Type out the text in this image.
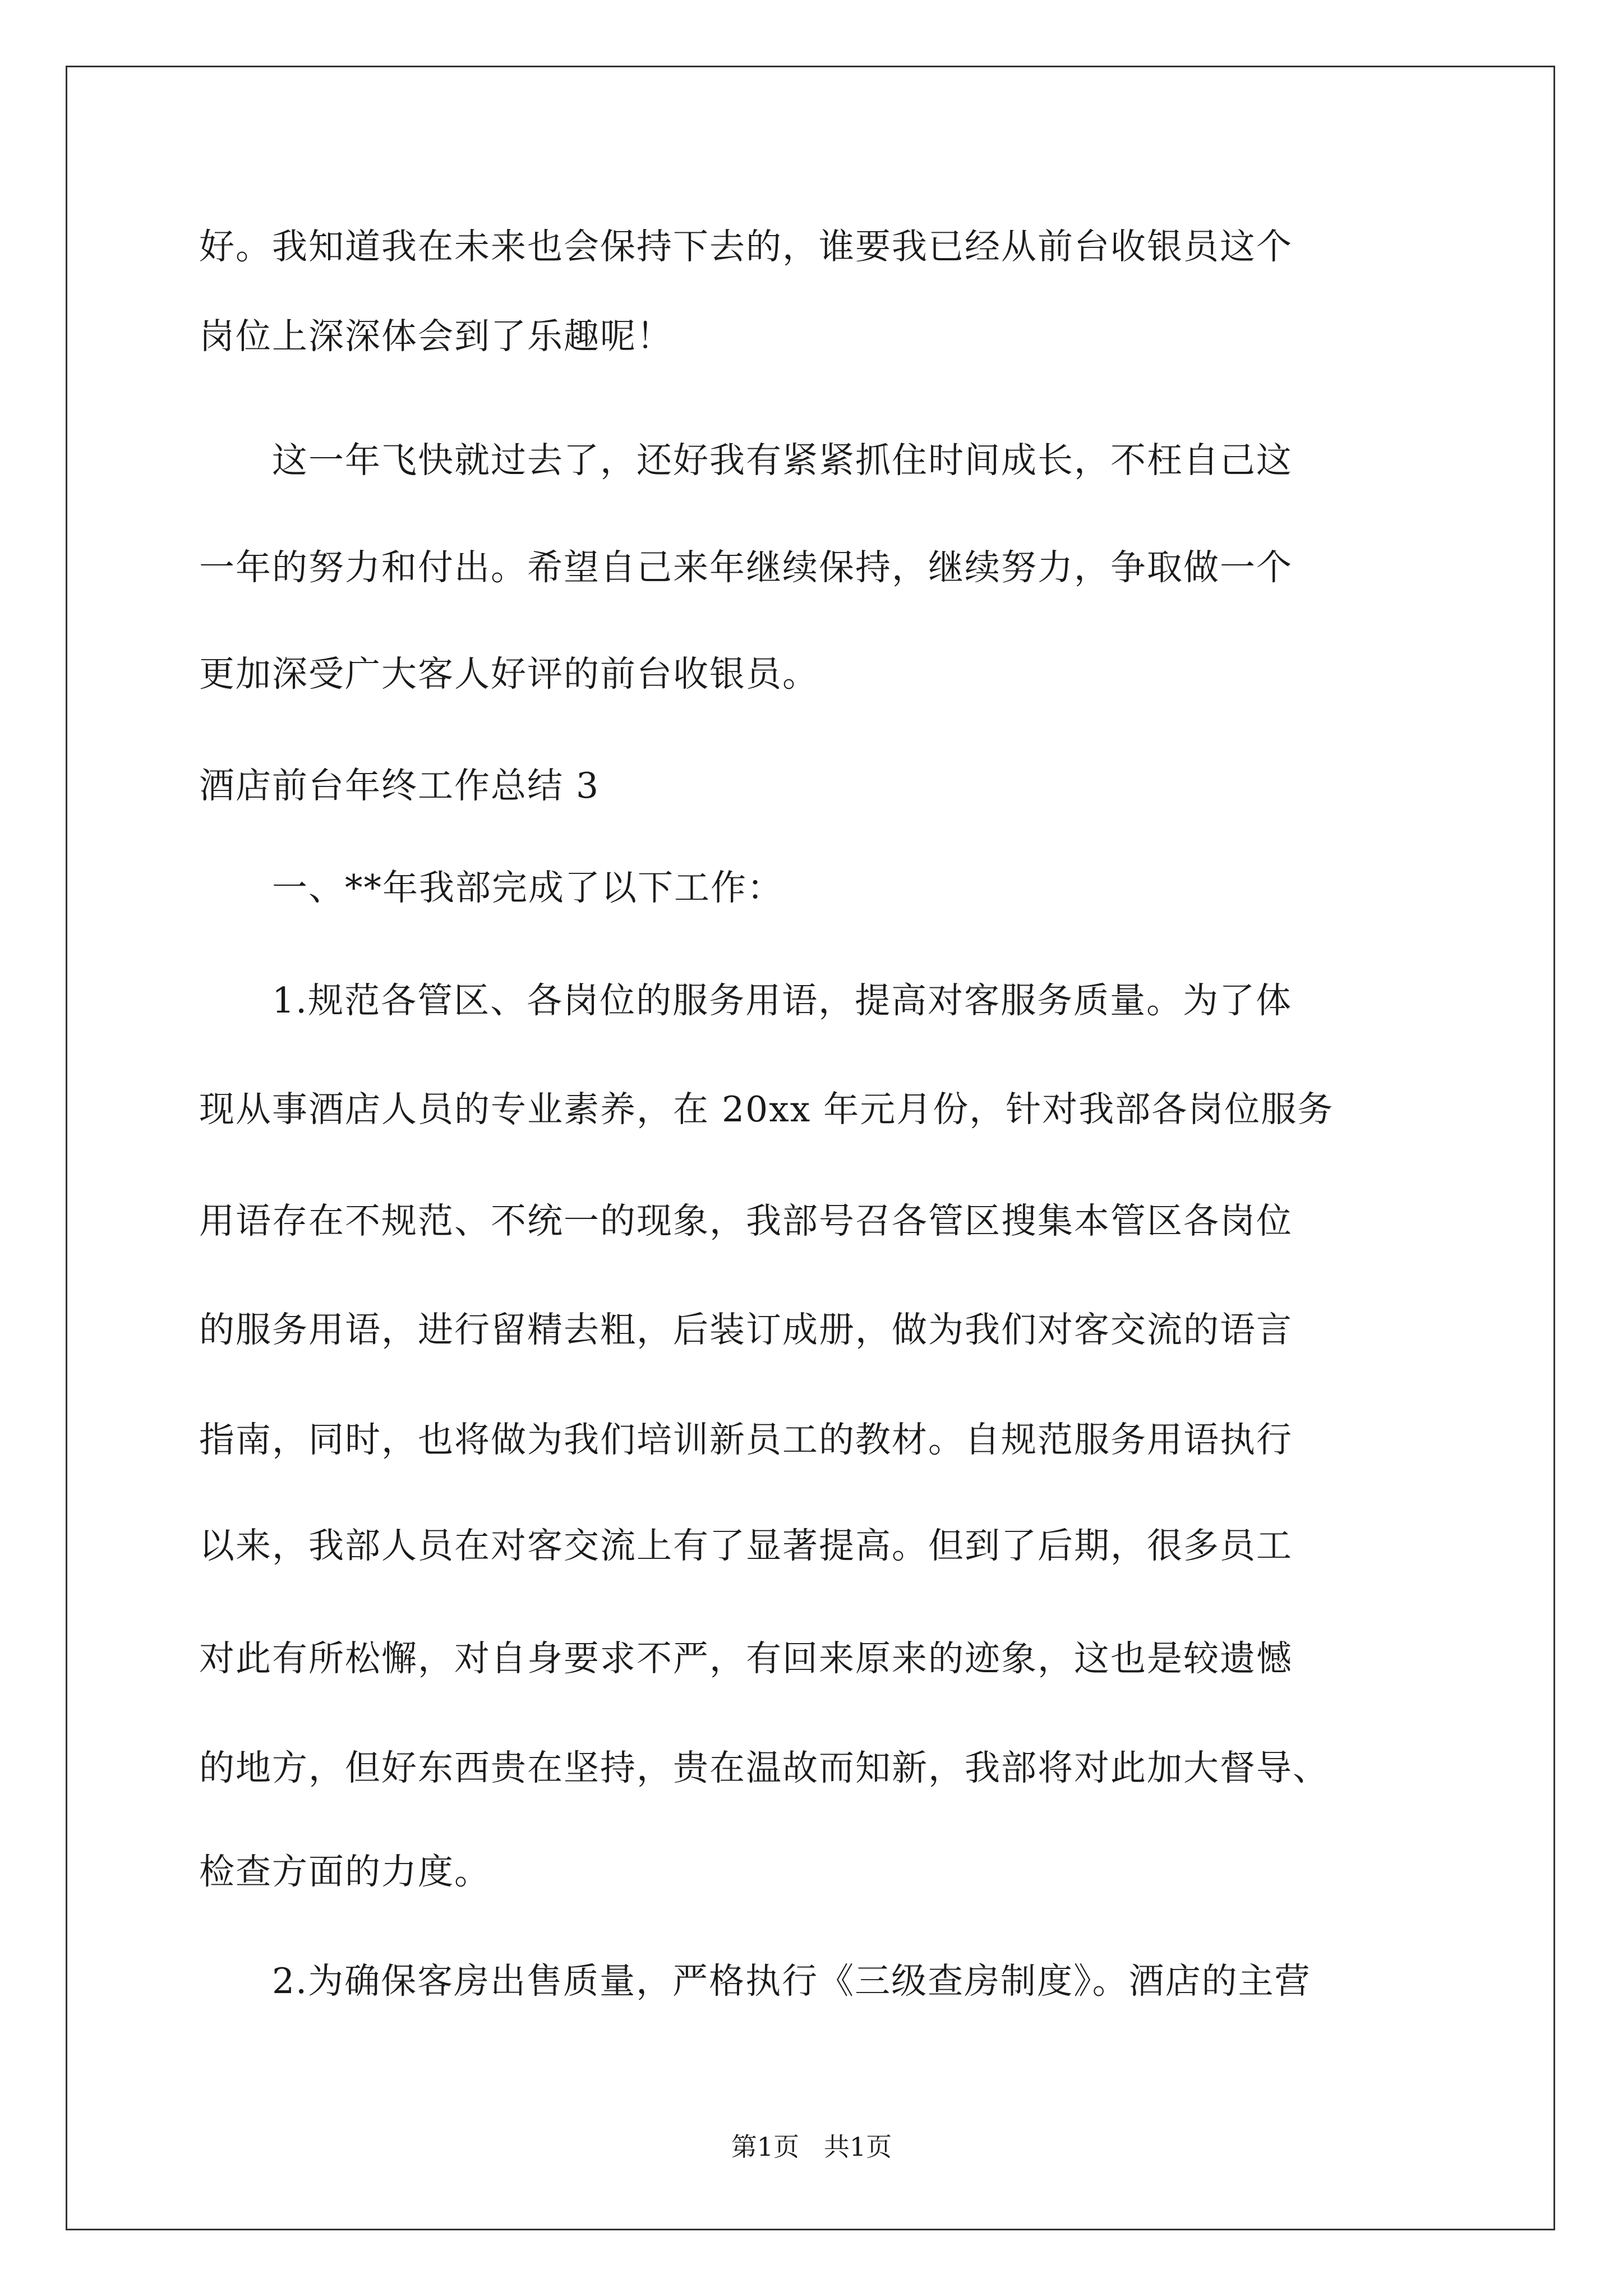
好。我知道我在未来也会保持下去的，谁要我已经从前台收银员这个
岗位上深深体会到了乐趣呢！
　　这一年飞快就过去了，还好我有紧紧抓住时间成长，不枉自己这
一年的努力和付出。希望自己来年继续保持，继续努力，争取做一个
更加深受广大客人好评的前台收银员。
酒店前台年终工作总结 3
　　一、**年我部完成了以下工作：
　　1.规范各管区、各岗位的服务用语，提高对客服务质量。为了体
现从事酒店人员的专业素养，在 20xx 年元月份，针对我部各岗位服务
用语存在不规范、不统一的现象，我部号召各管区搜集本管区各岗位
的服务用语，进行留精去粗，后装订成册，做为我们对客交流的语言
指南，同时，也将做为我们培训新员工的教材。自规范服务用语执行
以来，我部人员在对客交流上有了显著提高。但到了后期，很多员工
对此有所松懈，对自身要求不严，有回来原来的迹象，这也是较遗憾
的地方，但好东西贵在坚持，贵在温故而知新，我部将对此加大督导、
检查方面的力度。
　　2.为确保客房出售质量，严格执行《三级查房制度》。酒店的主营
第1页   共1页
